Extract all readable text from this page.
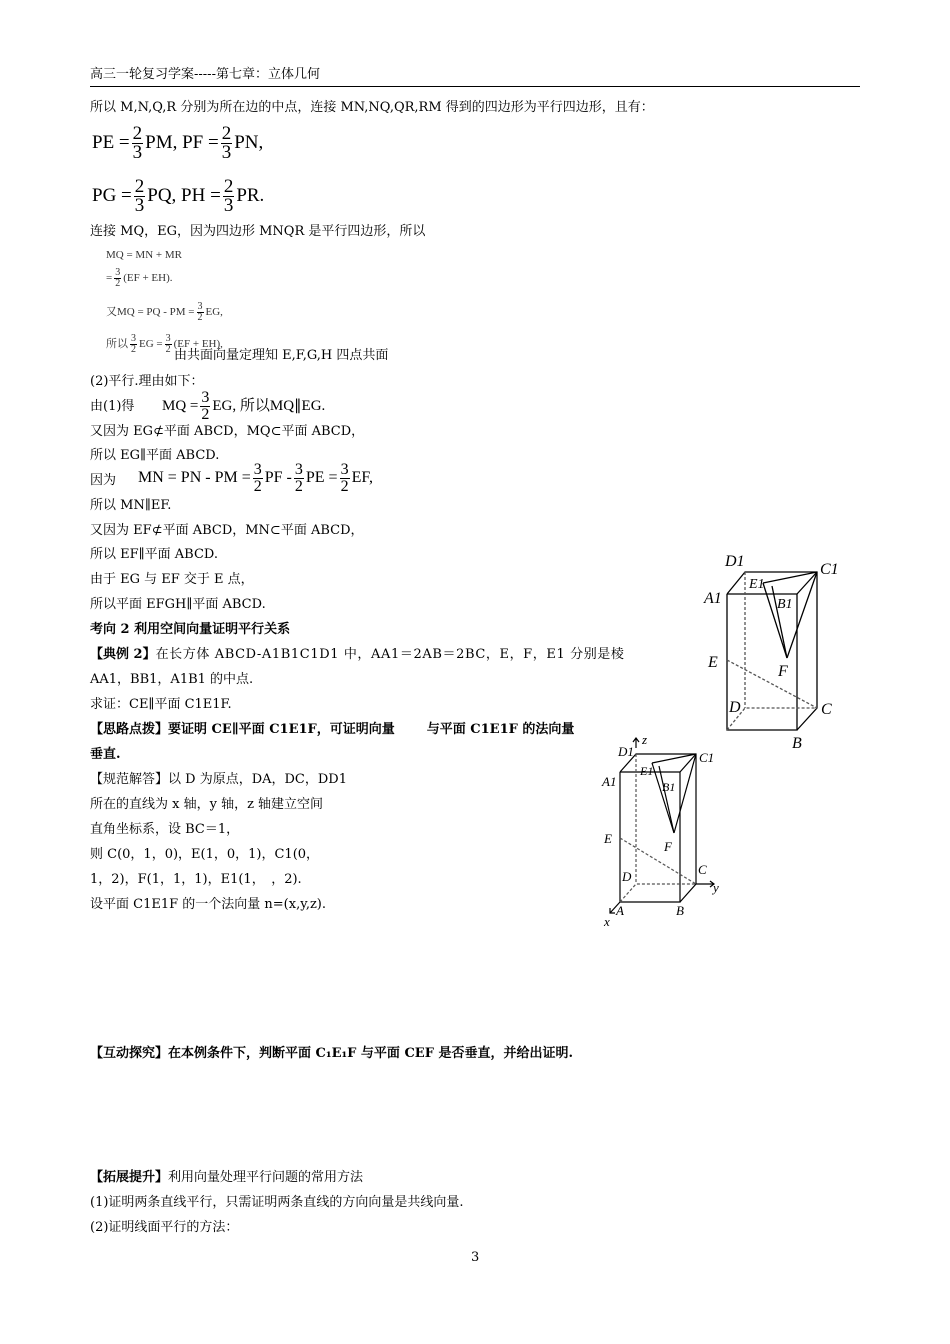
高三一轮复习学案-----第七章：立体几何
所以 M,N,Q,R 分别为所在边的中点，连接 MN,NQ,QR,RM 得到的四边形为平行四边形，且有：
PE = $\frac{2}{3}$ PM, PF = $\frac{2}{3}$ PN,
PG = $\frac{2}{3}$ PQ, PH = $\frac{2}{3}$ PR.
连接 MQ，EG，因为四边形 MNQR 是平行四边形，所以
MQ = MN + MR
= $\frac{3}{2} (EF + EH)$.
又MQ = PQ - PM = $\frac{3}{2}$ EG,
所以 $\frac{3}{2}$ EG = $\frac{3}{2} (EF + EH)$,
由共面向量定理知 E,F,G,H 四点共面
(2)平行.理由如下：
由(1)得 MQ = $\frac{3}{2}$ EG, 所以MQ∥EG.
又因为 EG⊄平面 ABCD，MQ⊂平面 ABCD，
所以 EG∥平面 ABCD.
因为 MN = PN - PM = $\frac{3}{2}$ PF - $\frac{3}{2}$ PE = $\frac{3}{2}$ EF,
所以 MN∥EF.
又因为 EF⊄平面 ABCD，MN⊂平面 ABCD，
所以 EF∥平面 ABCD.
由于 EG 与 EF 交于 E 点，
所以平面 EFGH∥平面 ABCD.
考向 2 利用空间向量证明平行关系
【典例 2】在长方体 ABCD-A1B1C1D1 中，AA1＝2AB＝2BC，E，F，E1 分别是棱
AA1，BB1，A1B1 的中点.
求证：CE∥平面 C1E1F.
【思路点拨】要证明 CE∥平面 C1E1F，可证明向量 与平面 C1E1F 的法向量
垂直.
【规范解答】以 D 为原点，DA，DC，DD1
所在的直线为 x 轴，y 轴，z 轴建立空间
直角坐标系，设 BC＝1，
则 C(0，1，0)，E(1，0，1)，C1(0，
1，2)，F(1，1，1)，E1(1，　，2).
设平面 C1E1F 的一个法向量 n=(x,y,z).
【互动探究】在本例条件下，判断平面 C₁E₁F 与平面 CEF 是否垂直，并给出证明.
【拓展提升】利用向量处理平行问题的常用方法
(1)证明两条直线平行，只需证明两条直线的方向向量是共线向量.
(2)证明线面平行的方法：
3
D1	C1
A1
E1
B1
E
F
D	C
B
D1
z
C1
A1
E1
B1
E
F
C
D
y
A	B
x
